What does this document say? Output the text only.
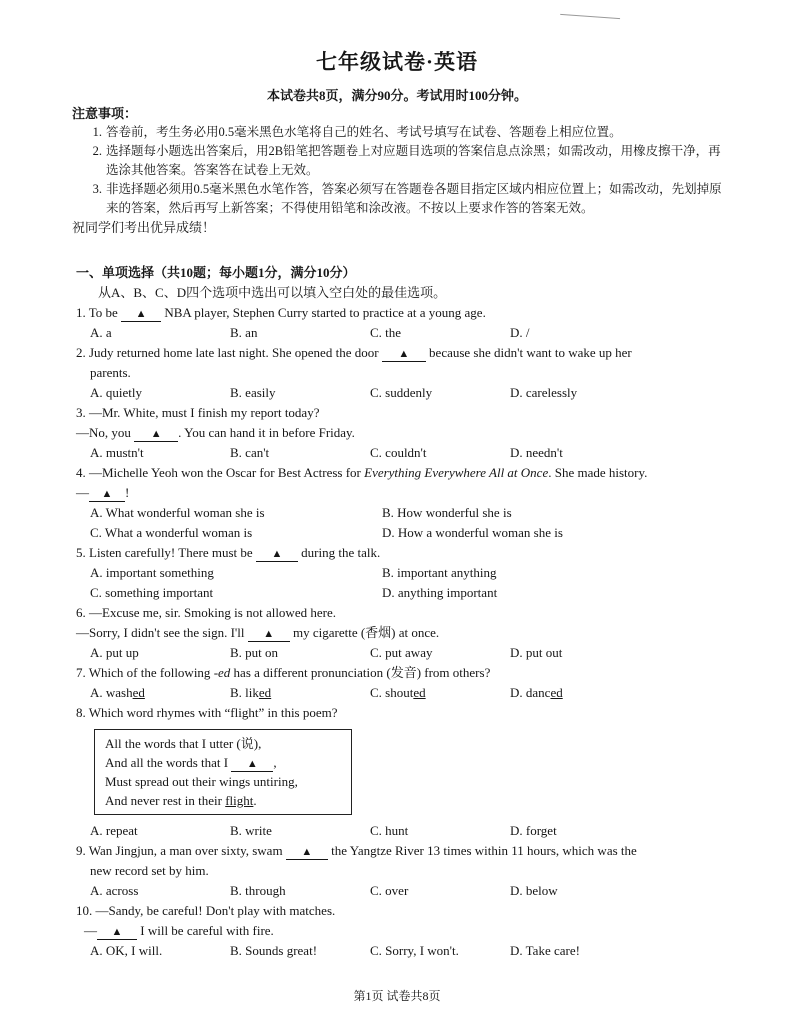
七年级试卷·英语
本试卷共8页，满分90分。考试用时100分钟。
注意事项：
1. 答卷前，考生务必用0.5毫米黑色水笔将自己的姓名、考试号填写在试卷、答题卷上相应位置。
2. 选择题每小题选出答案后，用2B铅笔把答题卷上对应题目选项的答案信息点涂黑；如需改动，用橡皮擦干净，再选涂其他答案。答案答在试卷上无效。
3. 非选择题必须用0.5毫米黑色水笔作答，答案必须写在答题卷各题目指定区域内相应位置上；如需改动，先划掉原来的答案，然后再写上新答案；不得使用铅笔和涂改液。不按以上要求作答的答案无效。
祝同学们考出优异成绩！
一、单项选择（共10题；每小题1分，满分10分）
从A、B、C、D四个选项中选出可以填入空白处的最佳选项。
1. To be ▲ NBA player, Stephen Curry started to practice at a young age.
A. a	B. an	C. the	D. /
2. Judy returned home late last night. She opened the door ▲ because she didn't want to wake up her
parents.
A. quietly	B. easily	C. suddenly	D. carelessly
3. —Mr. White, must I finish my report today?
—No, you ▲ . You can hand it in before Friday.
A. mustn't	B. can't	C. couldn't	D. needn't
4. —Michelle Yeoh won the Oscar for Best Actress for Everything Everywhere All at Once. She made history.
— ▲ !
A. What wonderful woman she is	B. How wonderful she is
C. What a wonderful woman is	D. How a wonderful woman she is
5. Listen carefully! There must be ▲ during the talk.
A. important something	B. important anything
C. something important	D. anything important
6. —Excuse me, sir. Smoking is not allowed here.
—Sorry, I didn't see the sign. I'll ▲ my cigarette (香烟) at once.
A. put up	B. put on	C. put away	D. put out
7. Which of the following -ed has a different pronunciation (发音) from others?
A. washed	B. liked	C. shouted	D. danced
8. Which word rhymes with “flight” in this poem?
All the words that I utter (说),
And all the words that I ▲ ,
Must spread out their wings untiring,
And never rest in their flight.
A. repeat	B. write	C. hunt	D. forget
9. Wan Jingjun, a man over sixty, swam ▲ the Yangtze River 13 times within 11 hours, which was the
new record set by him.
A. across	B. through	C. over	D. below
10. —Sandy, be careful! Don't play with matches.
— ▲ I will be careful with fire.
A. OK, I will.	B. Sounds great!	C. Sorry, I won't.	D. Take care!
第1页 试卷共8页
